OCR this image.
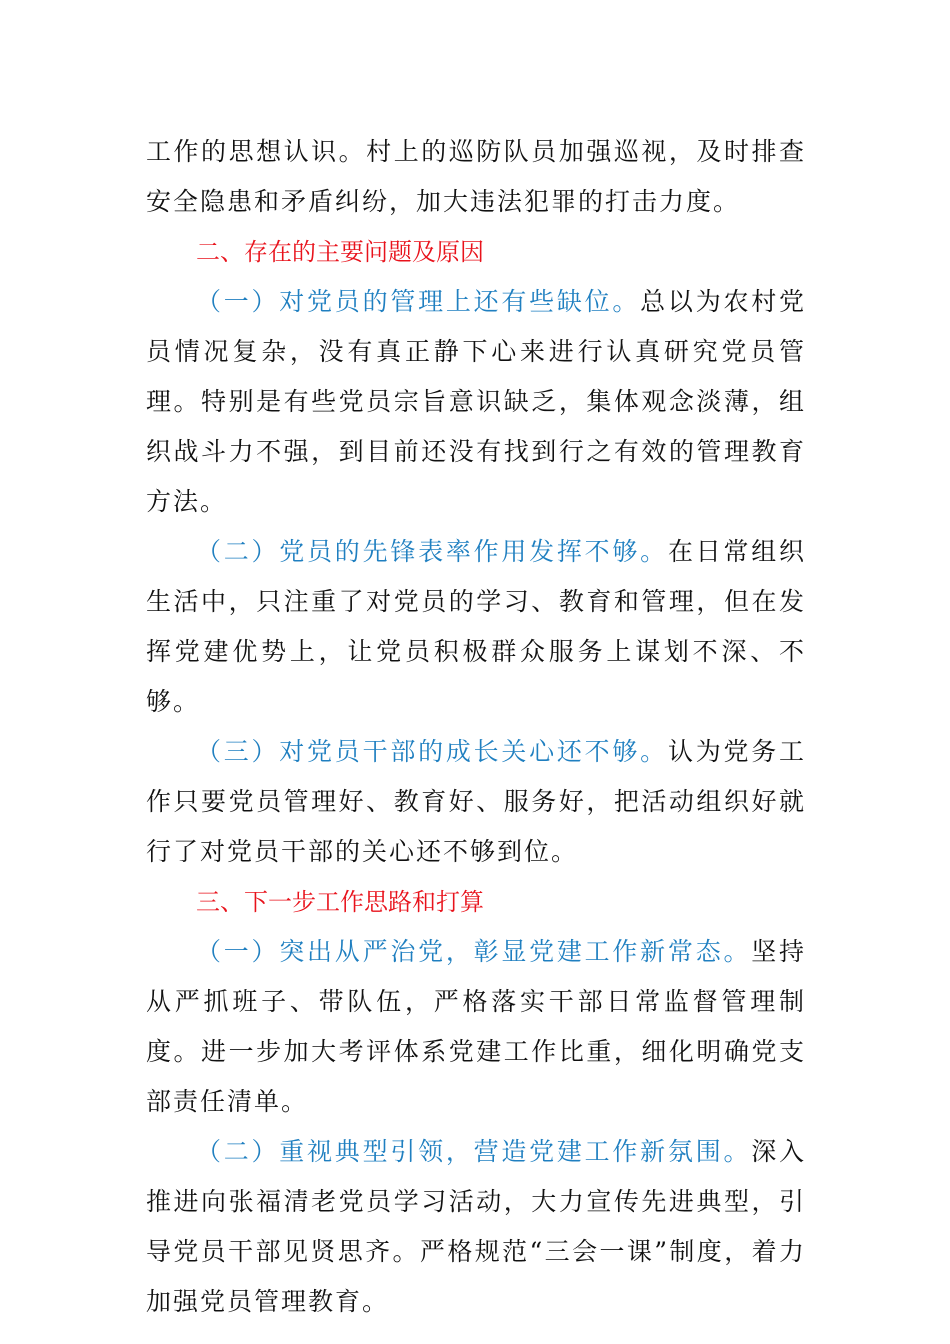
工作的思想认识。村上的巡防队员加强巡视，及时排查安全隐患和矛盾纠纷，加大违法犯罪的打击力度。

二、存在的主要问题及原因

（一）对党员的管理上还有些缺位。总以为农村党员情况复杂，没有真正静下心来进行认真研究党员管理。特别是有些党员宗旨意识缺乏，集体观念淡薄，组织战斗力不强，到目前还没有找到行之有效的管理教育方法。

（二）党员的先锋表率作用发挥不够。在日常组织生活中，只注重了对党员的学习、教育和管理，但在发挥党建优势上，让党员积极群众服务上谋划不深、不够。

（三）对党员干部的成长关心还不够。认为党务工作只要党员管理好、教育好、服务好，把活动组织好就行了对党员干部的关心还不够到位。

三、下一步工作思路和打算

（一）突出从严治党，彰显党建工作新常态。坚持从严抓班子、带队伍，严格落实干部日常监督管理制度。进一步加大考评体系党建工作比重，细化明确党支部责任清单。

（二）重视典型引领，营造党建工作新氛围。深入推进向张福清老党员学习活动，大力宣传先进典型，引导党员干部见贤思齐。严格规范“三会一课”制度，着力加强党员管理教育。
